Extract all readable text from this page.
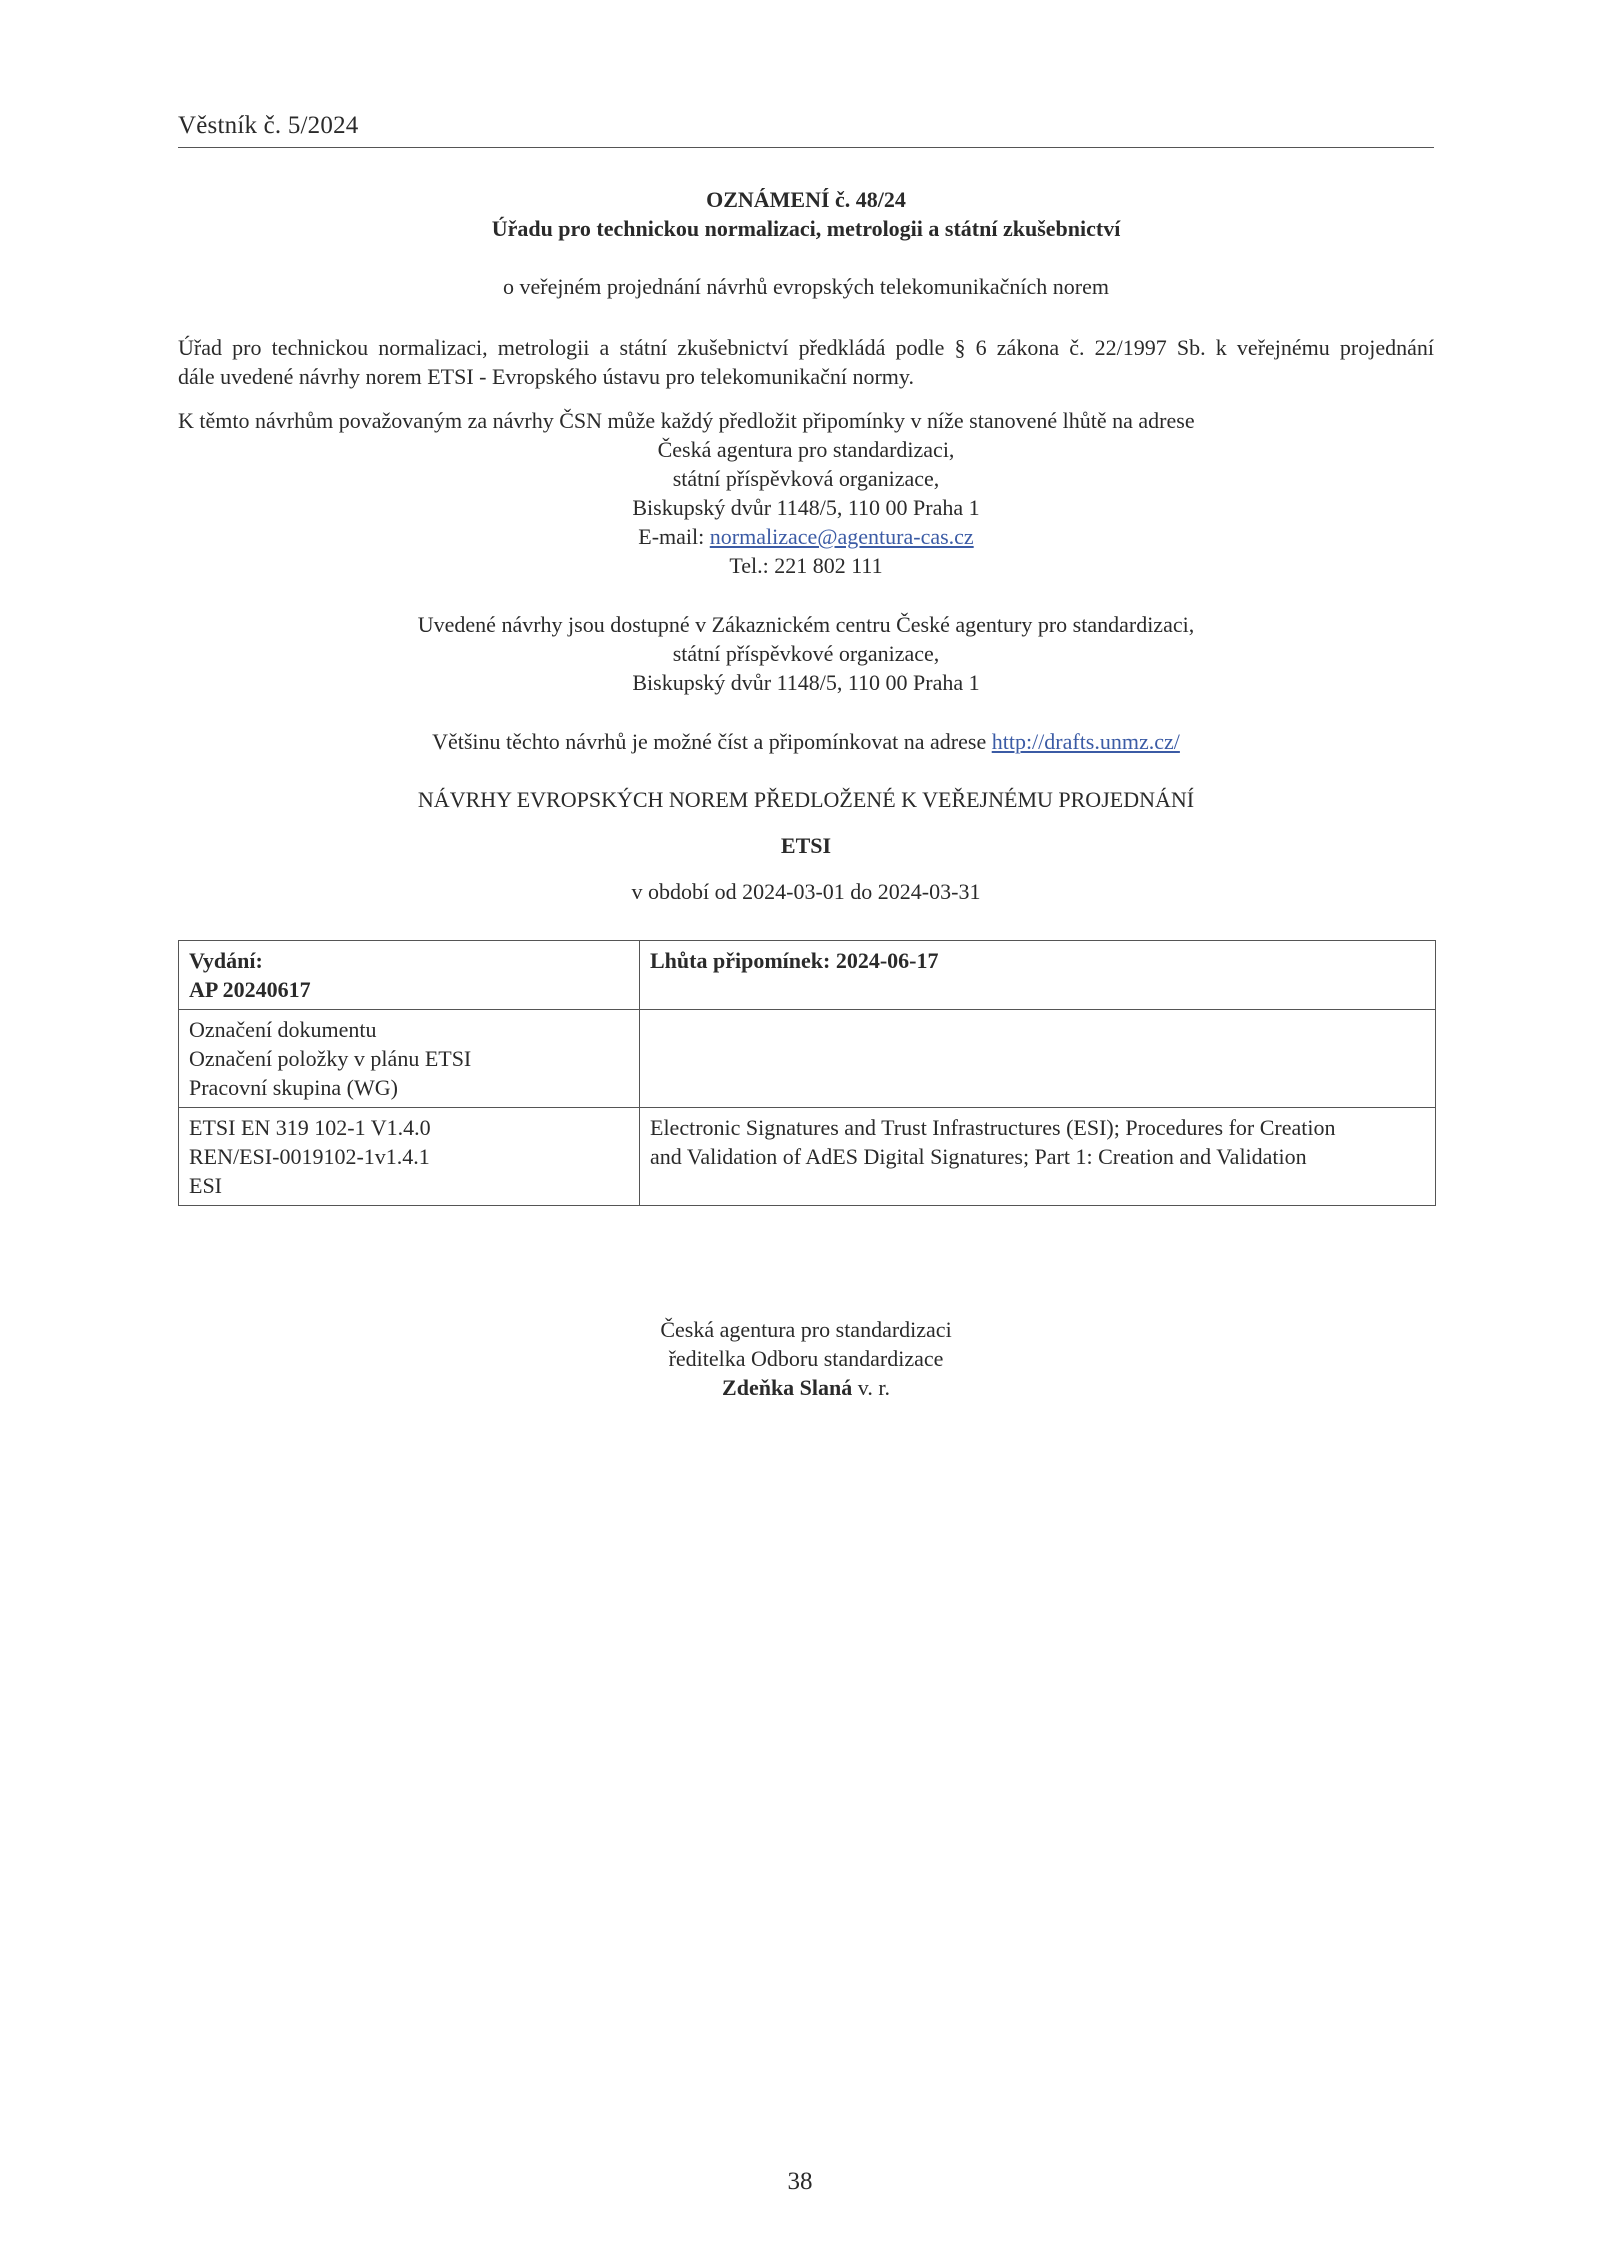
Věstník č. 5/2024
OZNÁMENÍ č. 48/24
Úřadu pro technickou normalizaci, metrologii a státní zkušebnictví
o veřejném projednání návrhů evropských telekomunikačních norem
Úřad pro technickou normalizaci, metrologii a státní zkušebnictví předkládá podle § 6 zákona č. 22/1997 Sb. k veřejnému projednání
dále uvedené návrhy norem ETSI - Evropského ústavu pro telekomunikační normy.
K těmto návrhům považovaným za návrhy ČSN může každý předložit připomínky v níže stanovené lhůtě na adrese
Česká agentura pro standardizaci,
státní příspěvková organizace,
Biskupský dvůr 1148/5, 110 00 Praha 1
E-mail: normalizace@agentura-cas.cz
Tel.: 221 802 111
Uvedené návrhy jsou dostupné v Zákaznickém centru České agentury pro standardizaci,
státní příspěvkové organizace,
Biskupský dvůr 1148/5, 110 00 Praha 1
Většinu těchto návrhů je možné číst a připomínkovat na adrese http://drafts.unmz.cz/
NÁVRHY EVROPSKÝCH NOREM PŘEDLOŽENÉ K VEŘEJNÉMU PROJEDNÁNÍ
ETSI
v období od 2024-03-01 do 2024-03-31
Vydání:
AP 20240617	Lhůta připomínek: 2024-06-17

Označení dokumentu
Označení položky v plánu ETSI
Pracovní skupina (WG)	

ETSI EN 319 102-1 V1.4.0
REN/ESI-0019102-1v1.4.1
ESI	Electronic Signatures and Trust Infrastructures (ESI); Procedures for Creation
and Validation of AdES Digital Signatures; Part 1: Creation and Validation
Česká agentura pro standardizaci
ředitelka Odboru standardizace
Zdeňka Slaná v. r.
38
